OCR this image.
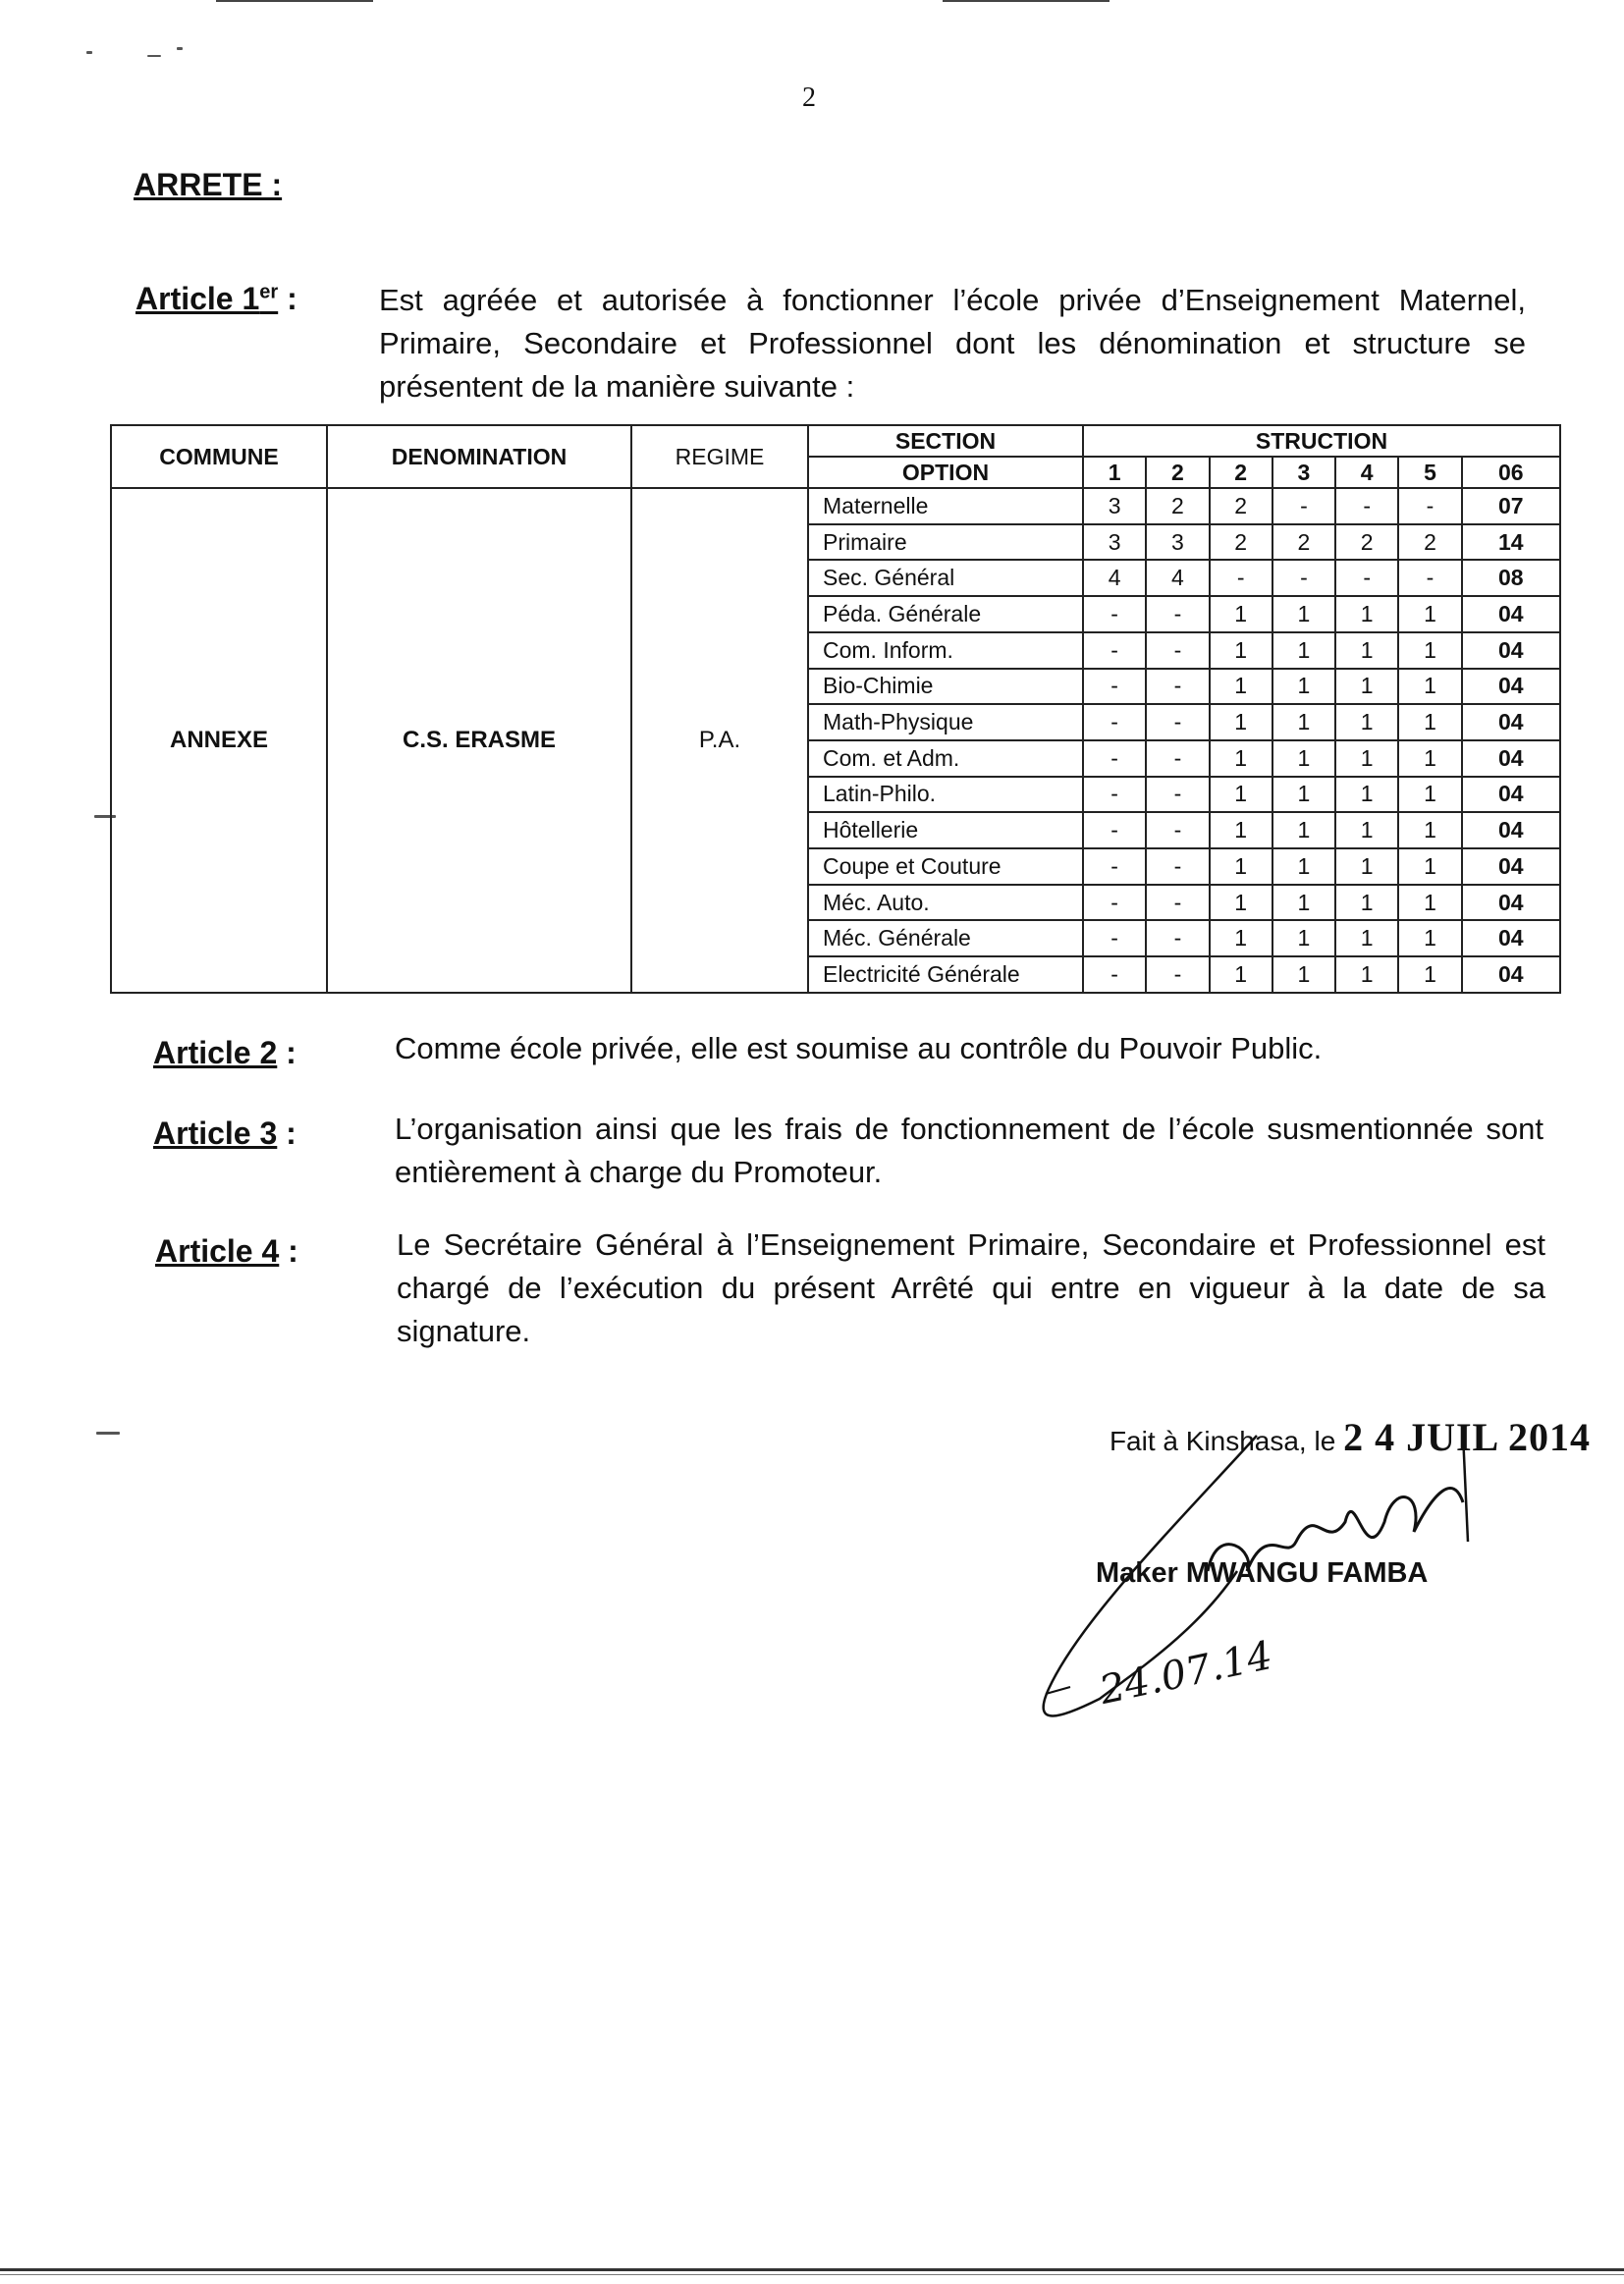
2
ARRETE :
Article 1er :	Est agréée et autorisée à fonctionner l’école privée d’Enseignement Maternel, Primaire, Secondaire et Professionnel dont les dénomination et structure se présentent de la manière suivante :
COMMUNE	DENOMINATION	REGIME	SECTION	STRUCTION						
			OPTION	1	2	2	3	4	5	06
ANNEXE	C.S. ERASME	P.A.	Maternelle	3	2	2	-	-	-	07
			Primaire	3	3	2	2	2	2	14
			Sec. Général	4	4	-	-	-	-	08
			Péda. Générale	-	-	1	1	1	1	04
			Com. Inform.	-	-	1	1	1	1	04
			Bio-Chimie	-	-	1	1	1	1	04
			Math-Physique	-	-	1	1	1	1	04
			Com. et Adm.	-	-	1	1	1	1	04
			Latin-Philo.	-	-	1	1	1	1	04
			Hôtellerie	-	-	1	1	1	1	04
			Coupe et Couture	-	-	1	1	1	1	04
			Méc. Auto.	-	-	1	1	1	1	04
			Méc. Générale	-	-	1	1	1	1	04
			Electricité Générale	-	-	1	1	1	1	04
Article 2 :	Comme école privée, elle est soumise au contrôle du Pouvoir Public.
Article 3 :	L’organisation ainsi que les frais de fonctionnement de l’école susmentionnée sont entièrement à charge du Promoteur.
Article 4 :	Le Secrétaire Général à l’Enseignement Primaire, Secondaire et Professionnel est chargé de l’exécution du présent Arrêté qui entre en vigueur à la date de sa signature.
Fait à Kinshasa, le 2 4 JUIL 2014
Maker MWANGU FAMBA
24.07.14
